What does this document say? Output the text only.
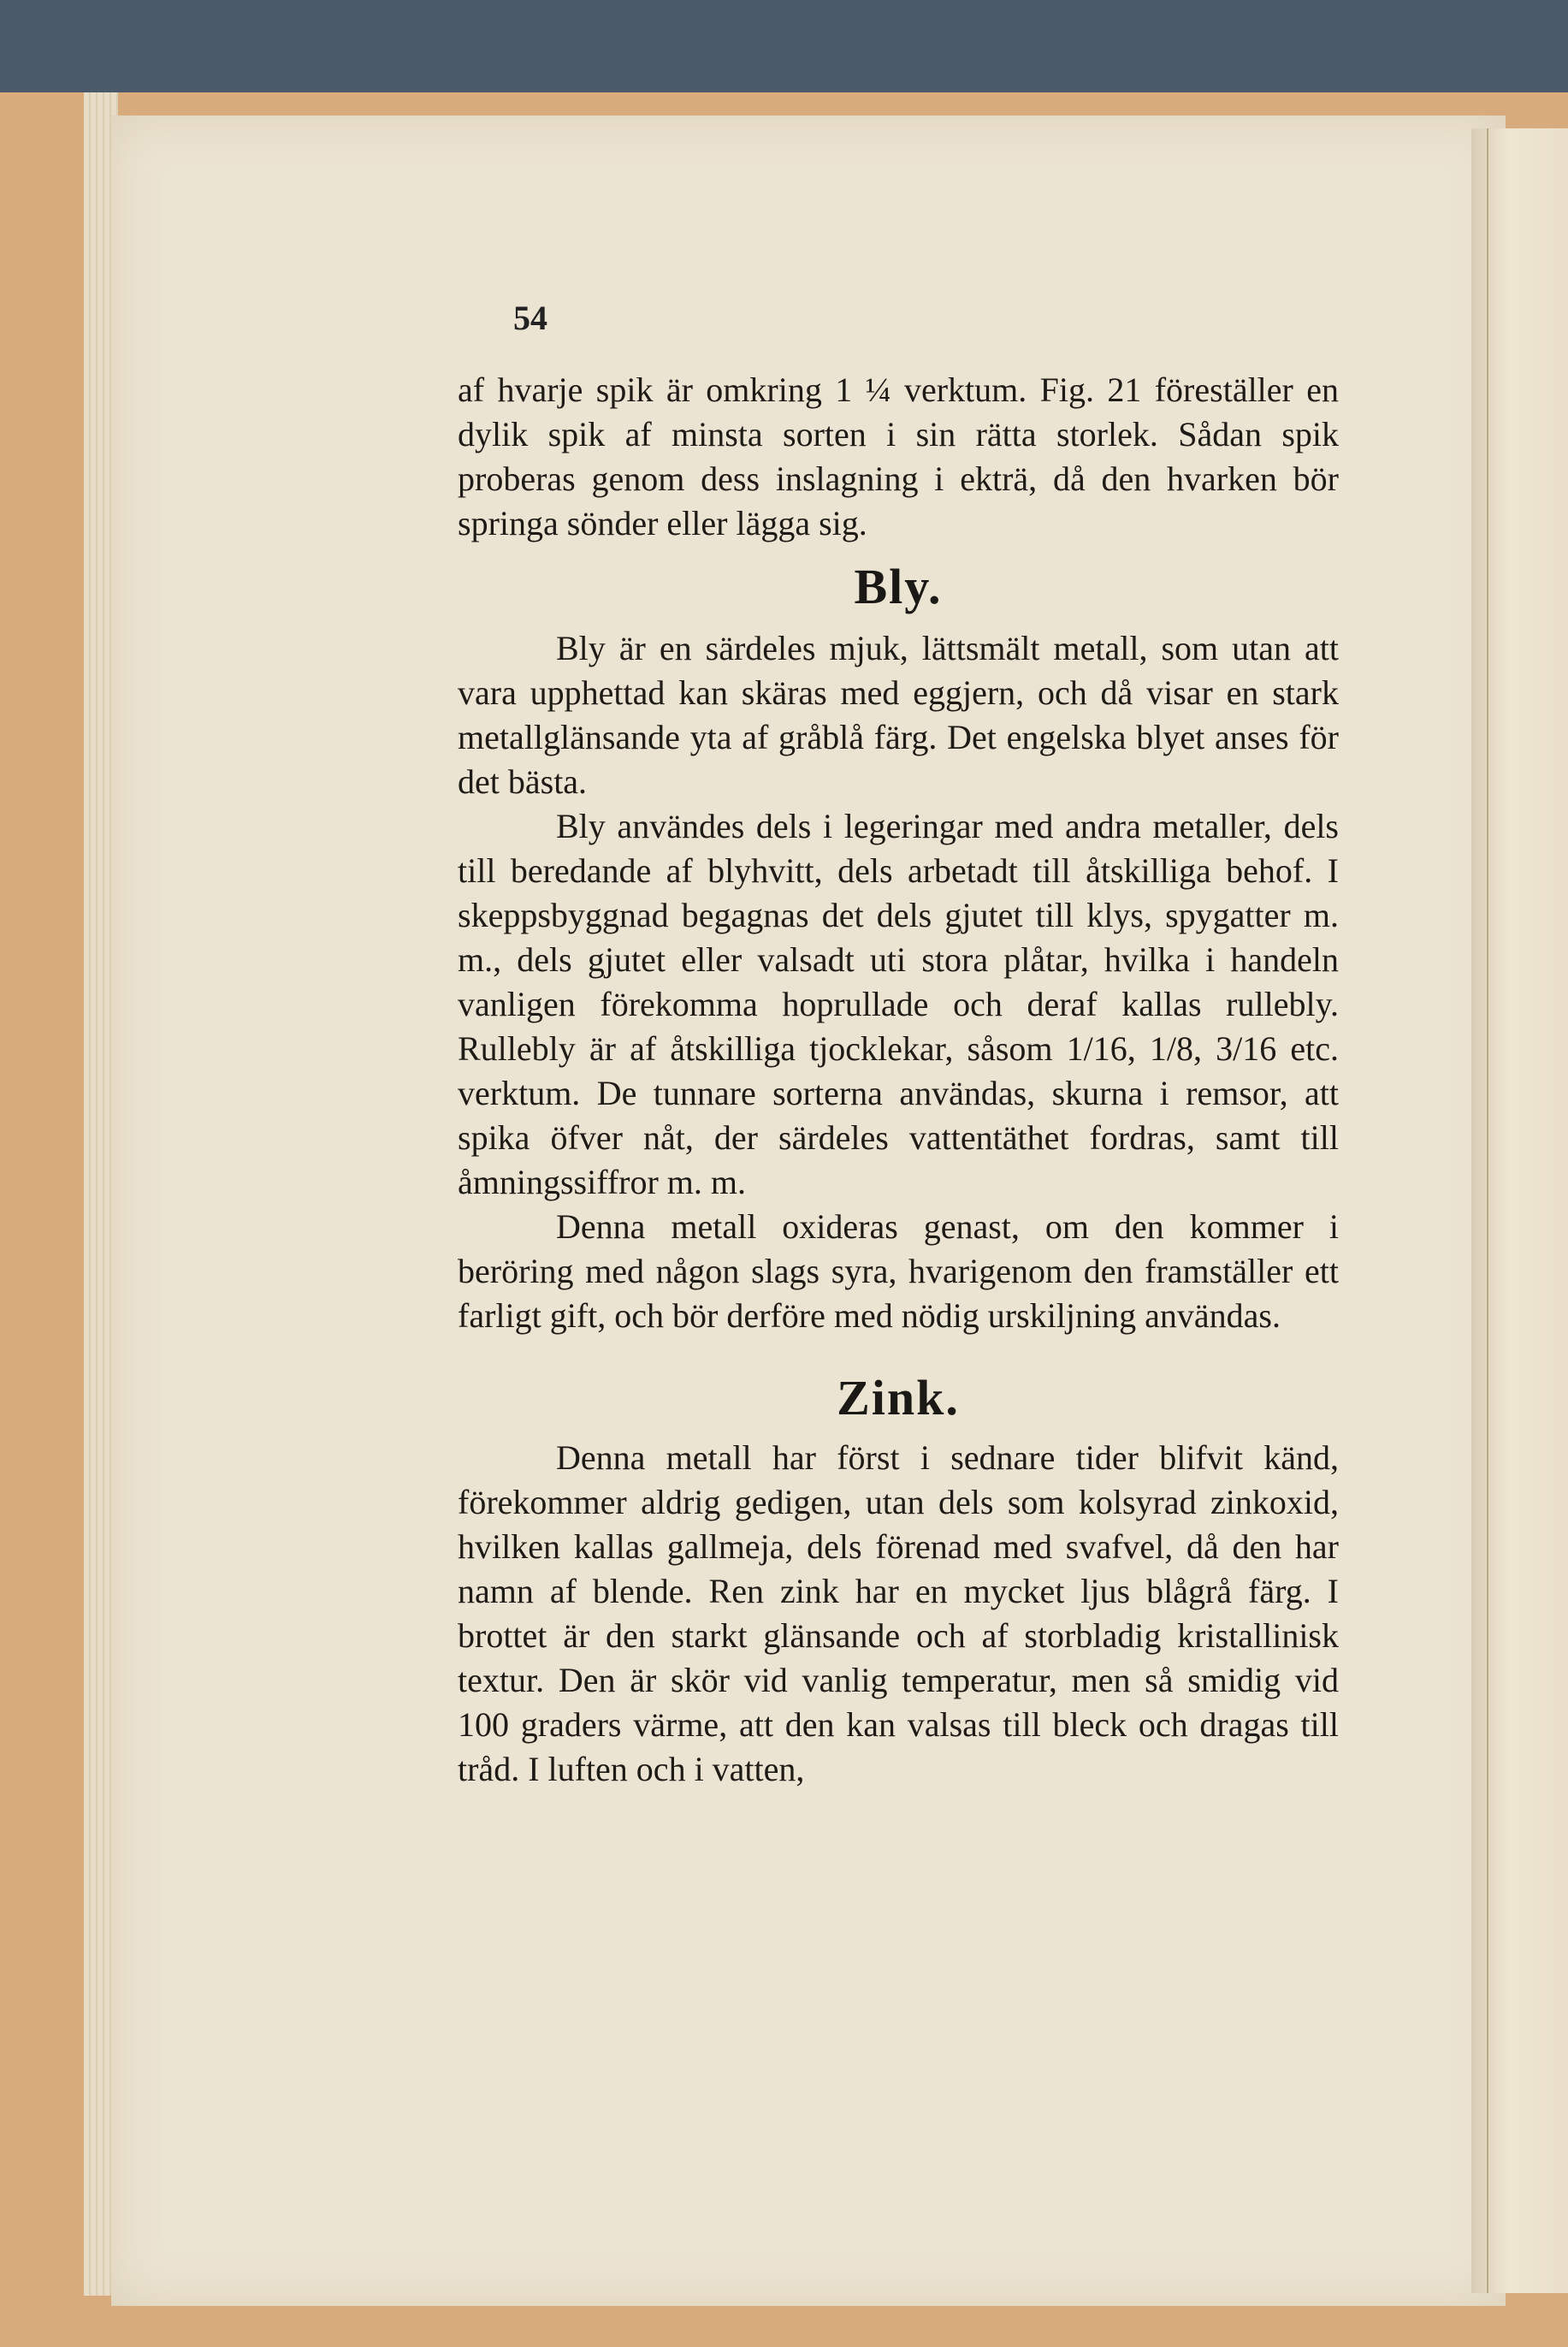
54

af hvarje spik är omkring 1 ¼ verktum. Fig. 21 föreställer en dylik spik af minsta sorten i sin rätta storlek. Sådan spik proberas genom dess inslagning i ekträ, då den hvarken bör springa sönder eller lägga sig.

Bly.

Bly är en särdeles mjuk, lättsmält metall, som utan att vara upphettad kan skäras med eggjern, och då visar en stark metallglänsande yta af gråblå färg. Det engelska blyet anses för det bästa.

Bly användes dels i legeringar med andra metaller, dels till beredande af blyhvitt, dels arbetadt till åtskilliga behof. I skeppsbyggnad begagnas det dels gjutet till klys, spygatter m. m., dels gjutet eller valsadt uti stora plåtar, hvilka i handeln vanligen förekomma hoprullade och deraf kallas rullebly. Rullebly är af åtskilliga tjocklekar, såsom 1/16, 1/8, 3/16 etc. verktum. De tunnare sorterna användas, skurna i remsor, att spika öfver nåt, der särdeles vattentäthet fordras, samt till åmningssiffror m. m.

Denna metall oxideras genast, om den kommer i beröring med någon slags syra, hvarigenom den framställer ett farligt gift, och bör derföre med nödig urskiljning användas.

Zink.

Denna metall har först i sednare tider blifvit känd, förekommer aldrig gedigen, utan dels som kolsyrad zinkoxid, hvilken kallas gallmeja, dels förenad med svafvel, då den har namn af blende. Ren zink har en mycket ljus blågrå färg. I brottet är den starkt glänsande och af storbladig kristallinisk textur. Den är skör vid vanlig temperatur, men så smidig vid 100 graders värme, att den kan valsas till bleck och dragas till tråd. I luften och i vatten,
